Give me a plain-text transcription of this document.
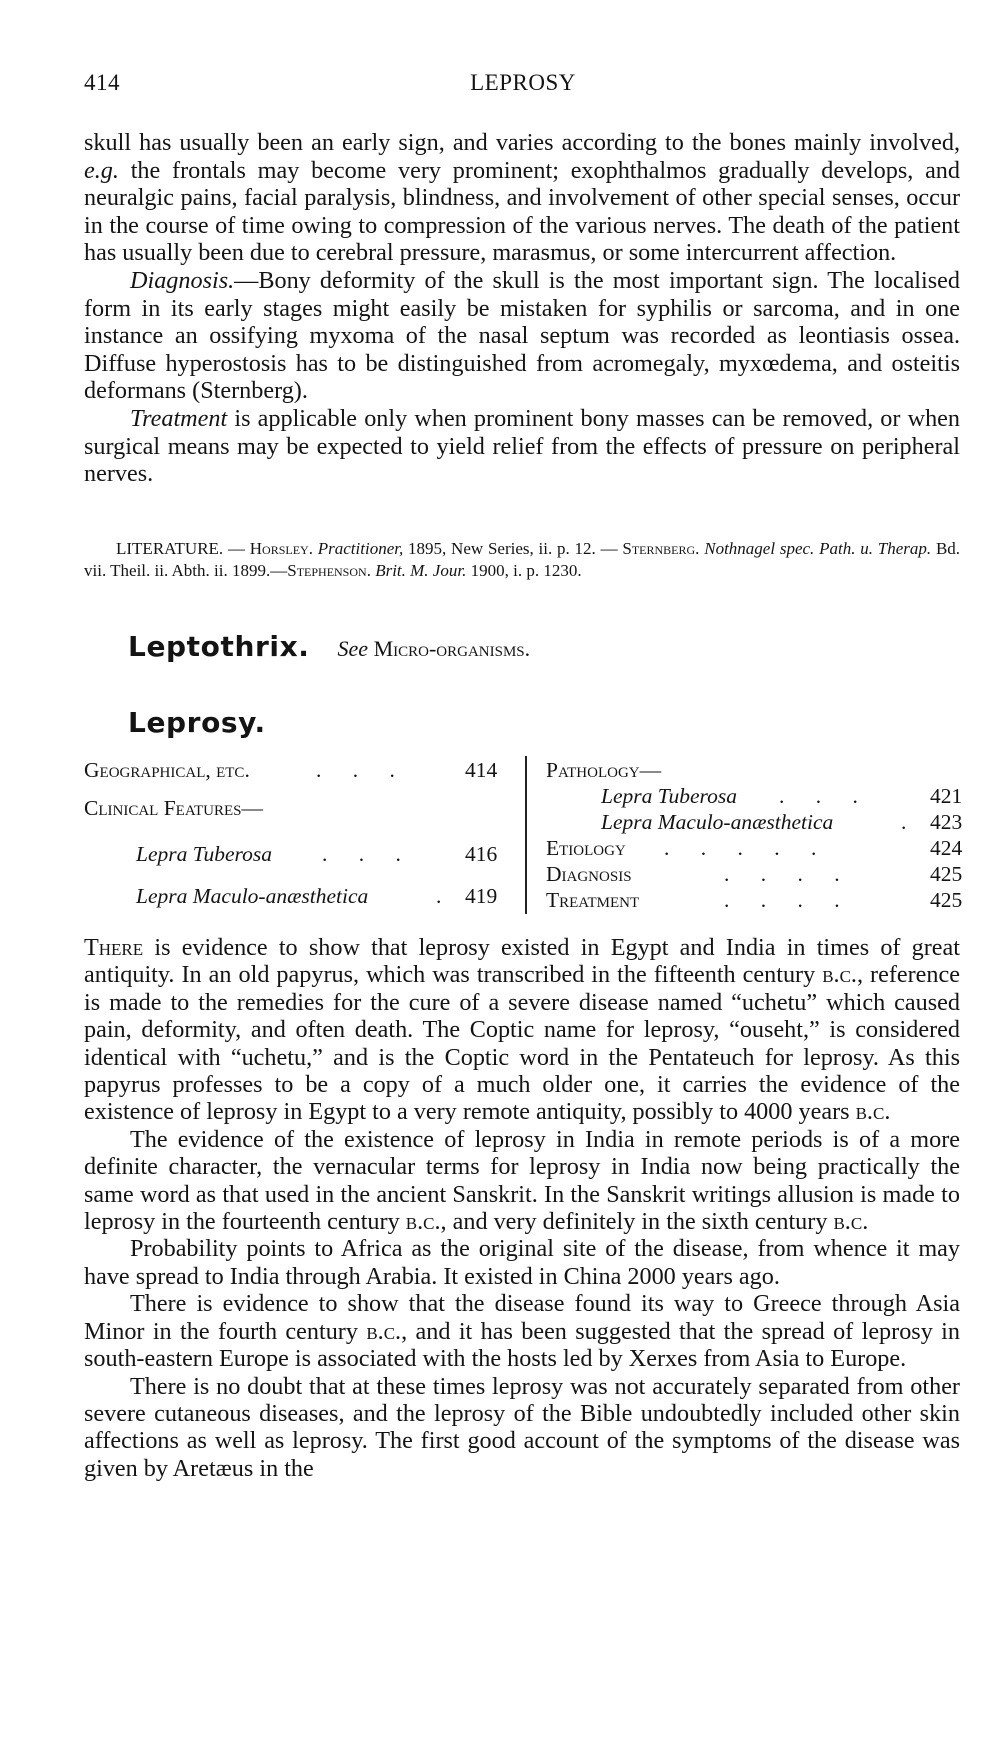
414	LEPROSY

skull has usually been an early sign, and varies according to the bones mainly involved, e.g. the frontals may become very prominent; exophthalmos gradually develops, and neuralgic pains, facial paralysis, blindness, and involvement of other special senses, occur in the course of time owing to compression of the various nerves. The death of the patient has usually been due to cerebral pressure, marasmus, or some intercurrent affection.

Diagnosis.—Bony deformity of the skull is the most important sign. The localised form in its early stages might easily be mistaken for syphilis or sarcoma, and in one instance an ossifying myxoma of the nasal septum was recorded as leontiasis ossea. Diffuse hyperostosis has to be distinguished from acromegaly, myxœdema, and osteitis deformans (Sternberg).

Treatment is applicable only when prominent bony masses can be removed, or when surgical means may be expected to yield relief from the effects of pressure on peripheral nerves.

LITERATURE. — Horsley. Practitioner, 1895, New Series, ii. p. 12. — Sternberg. Nothnagel spec. Path. u. Therap. Bd. vii. Theil. ii. Abth. ii. 1899.—Stephenson. Brit. M. Jour. 1900, i. p. 1230.
Leptothrix. See Micro-organisms.
Leprosy.
Geographical, etc.	. . .	414
Clinical Features—
Lepra Tuberosa . . . 416
Lepra Maculo-anæsthetica	. 419
Pathology—
Lepra Tuberosa . . .	421
Lepra Maculo-anæsthetica	. 423
Etiology . . . . .	424
Diagnosis	. . . .	425
Treatment	. . . .	425

There is evidence to show that leprosy existed in Egypt and India in times of great antiquity. In an old papyrus, which was transcribed in the fifteenth century b.c., reference is made to the remedies for the cure of a severe disease named “uchetu” which caused pain, deformity, and often death. The Coptic name for leprosy, “ouseht,” is considered identical with “uchetu,” and is the Coptic word in the Pentateuch for leprosy. As this papyrus professes to be a copy of a much older one, it carries the evidence of the existence of leprosy in Egypt to a very remote antiquity, possibly to 4000 years b.c.

The evidence of the existence of leprosy in India in remote periods is of a more definite character, the vernacular terms for leprosy in India now being practically the same word as that used in the ancient Sanskrit. In the Sanskrit writings allusion is made to leprosy in the fourteenth century b.c., and very definitely in the sixth century b.c.

Probability points to Africa as the original site of the disease, from whence it may have spread to India through Arabia. It existed in China 2000 years ago.

There is evidence to show that the disease found its way to Greece through Asia Minor in the fourth century b.c., and it has been suggested that the spread of leprosy in south-eastern Europe is associated with the hosts led by Xerxes from Asia to Europe.

There is no doubt that at these times leprosy was not accurately separated from other severe cutaneous diseases, and the leprosy of the Bible undoubtedly included other skin affections as well as leprosy. The first good account of the symptoms of the disease was given by Aretæus in the
